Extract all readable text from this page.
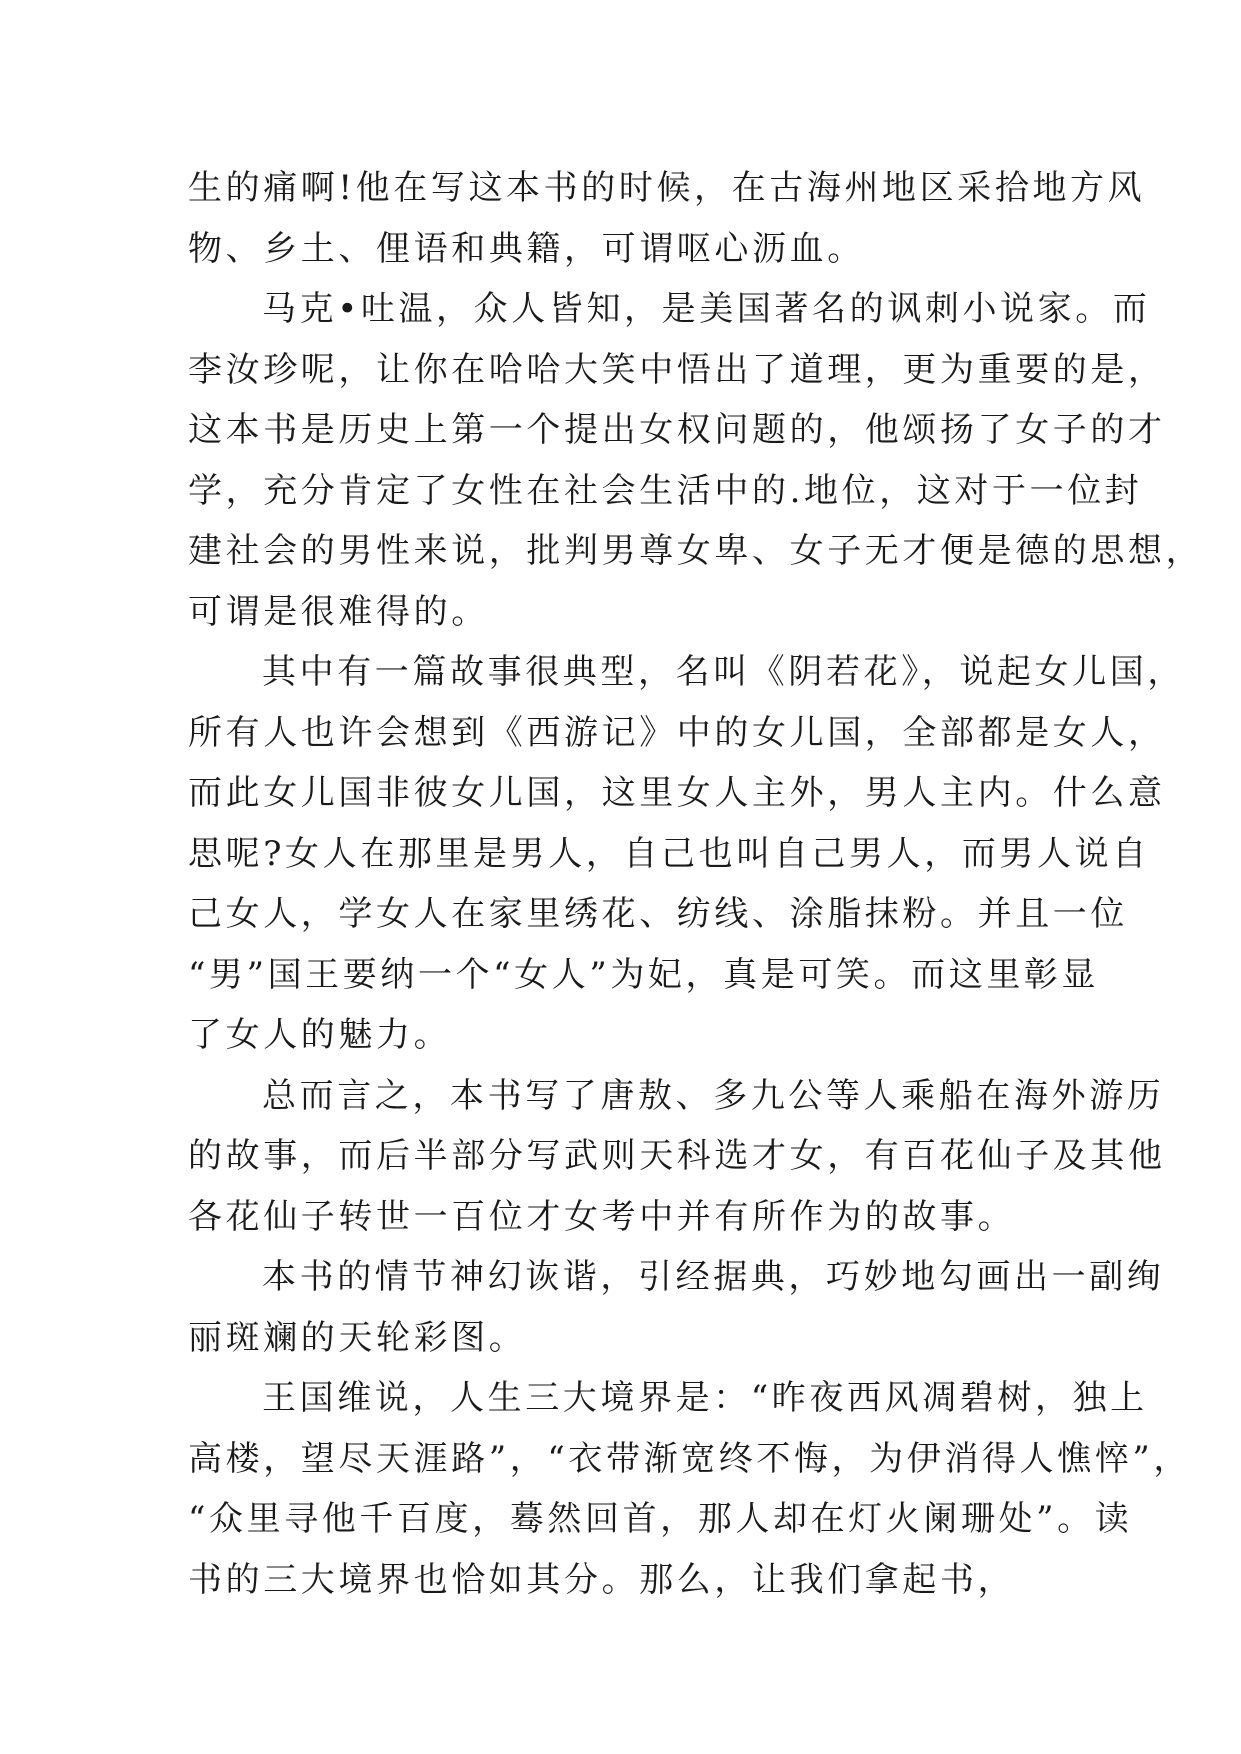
生的痛啊!他在写这本书的时候，在古海州地区采拾地方风
物、乡土、俚语和典籍，可谓呕心沥血。
马克•吐温，众人皆知，是美国著名的讽刺小说家。而
李汝珍呢，让你在哈哈大笑中悟出了道理，更为重要的是，
这本书是历史上第一个提出女权问题的，他颂扬了女子的才
学，充分肯定了女性在社会生活中的.地位，这对于一位封
建社会的男性来说，批判男尊女卑、女子无才便是德的思想，
可谓是很难得的。
其中有一篇故事很典型，名叫《阴若花》，说起女儿国，
所有人也许会想到《西游记》中的女儿国，全部都是女人，
而此女儿国非彼女儿国，这里女人主外，男人主内。什么意
思呢?女人在那里是男人，自己也叫自己男人，而男人说自
己女人，学女人在家里绣花、纺线、涂脂抹粉。并且一位
“男”国王要纳一个“女人”为妃，真是可笑。而这里彰显
了女人的魅力。
总而言之，本书写了唐敖、多九公等人乘船在海外游历
的故事，而后半部分写武则天科选才女，有百花仙子及其他
各花仙子转世一百位才女考中并有所作为的故事。
本书的情节神幻诙谐，引经据典，巧妙地勾画出一副绚
丽斑斓的天轮彩图。
王国维说，人生三大境界是：“昨夜西风凋碧树，独上
高楼，望尽天涯路”，“衣带渐宽终不悔，为伊消得人憔悴”，
“众里寻他千百度，蓦然回首，那人却在灯火阑珊处”。读
书的三大境界也恰如其分。那么，让我们拿起书，
